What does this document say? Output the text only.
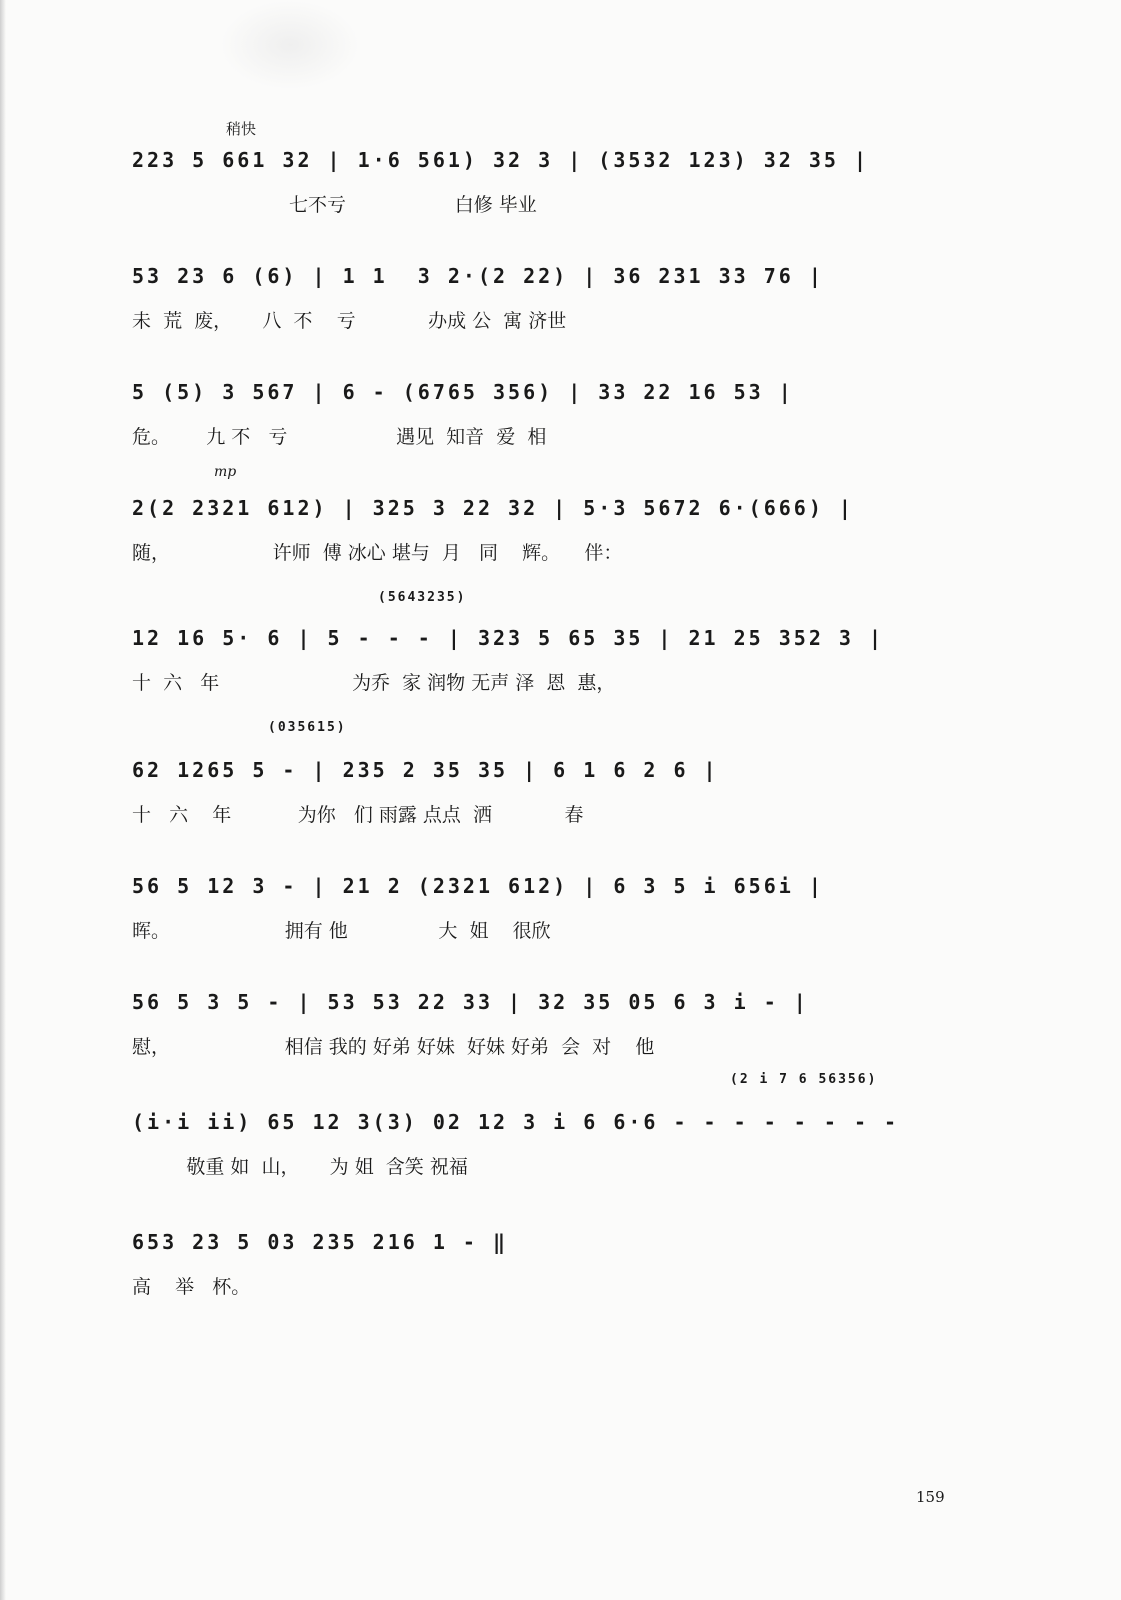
稍快
223 5 661 32 | 1·6 561) 32 3 | (3532 123) 32 35 |
七不亏                  白修 毕业
53 23 6 (6) | 1 1  3 2·(2 22) | 36 231 33 76 |
未  荒  废，     八  不    亏            办成 公  寓 济世
5 (5) 3 567 | 6 - (6765 356) | 33 22 16 53 |
危。      九 不   亏                  遇见  知音  爱  相
mp
2(2 2321 612) | 325 3 22 32 | 5·3 5672 6·(666) |
随，                 许师  傅 冰心 堪与  月   同    辉。    伴：
(5643235)
12 16 5· 6 | 5 - - - | 323 5 65 35 | 21 25 352 3 |
十  六   年                      为乔  家 润物 无声 泽  恩  惠，
(035615)
62 1265 5 - | 235 2 35 35 | 6 1 6 2 6 |
十   六    年           为你   们 雨露 点点  洒            春
56 5 12 3 - | 21 2 (2321 612) | 6 3 5 i 656i |
晖。                   拥有 他               大  姐    很欣
56 5 3 5 - | 53 53 22 33 | 32 35 05 6 3 i - |
慰，                   相信 我的 好弟 好妹  好妹 好弟  会  对    他
(2 i 7 6 56356)
(i·i ii) 65 12 3(3) 02 12 3 i 6 6·6 - - - - - - - -
敬重 如  山，     为 姐  含笑 祝福
653 23 5 03 235 216 1 - ‖
高    举   杯。
159
